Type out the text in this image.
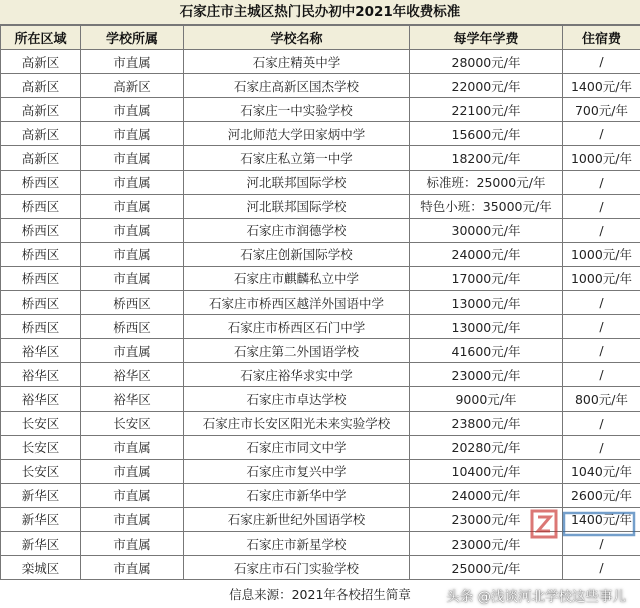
石家庄市主城区热门民办初中2021年收费标准
所在区域	学校所属	学校名称	每学年学费	住宿费
高新区	市直属	石家庄精英中学	28000元/年	/
高新区	高新区	石家庄高新区国杰学校	22000元/年	1400元/年
高新区	市直属	石家庄一中实验学校	22100元/年	700元/年
高新区	市直属	河北师范大学田家炳中学	15600元/年	/
高新区	市直属	石家庄私立第一中学	18200元/年	1000元/年
桥西区	市直属	河北联邦国际学校	标准班：25000元/年	/
桥西区	市直属	河北联邦国际学校	特色小班：35000元/年	/
桥西区	市直属	石家庄市润德学校	30000元/年	/
桥西区	市直属	石家庄创新国际学校	24000元/年	1000元/年
桥西区	市直属	石家庄市麒麟私立中学	17000元/年	1000元/年
桥西区	桥西区	石家庄市桥西区越洋外国语中学	13000元/年	/
桥西区	桥西区	石家庄市桥西区石门中学	13000元/年	/
裕华区	市直属	石家庄第二外国语学校	41600元/年	/
裕华区	裕华区	石家庄裕华求实中学	23000元/年	/
裕华区	裕华区	石家庄市卓达学校	9000元/年	800元/年
长安区	长安区	石家庄市长安区阳光未来实验学校	23800元/年	/
长安区	市直属	石家庄市同文中学	20280元/年	/
长安区	市直属	石家庄市复兴中学	10400元/年	1040元/年
新华区	市直属	石家庄市新华中学	24000元/年	2600元/年
新华区	市直属	石家庄新世纪外国语学校	23000元/年	1400元/年
新华区	市直属	石家庄市新星学校	23000元/年	/
栾城区	市直属	石家庄市石门实验学校	25000元/年	/
信息来源：2021年各校招生简章	头条 @浅谈河北学校这些事儿
